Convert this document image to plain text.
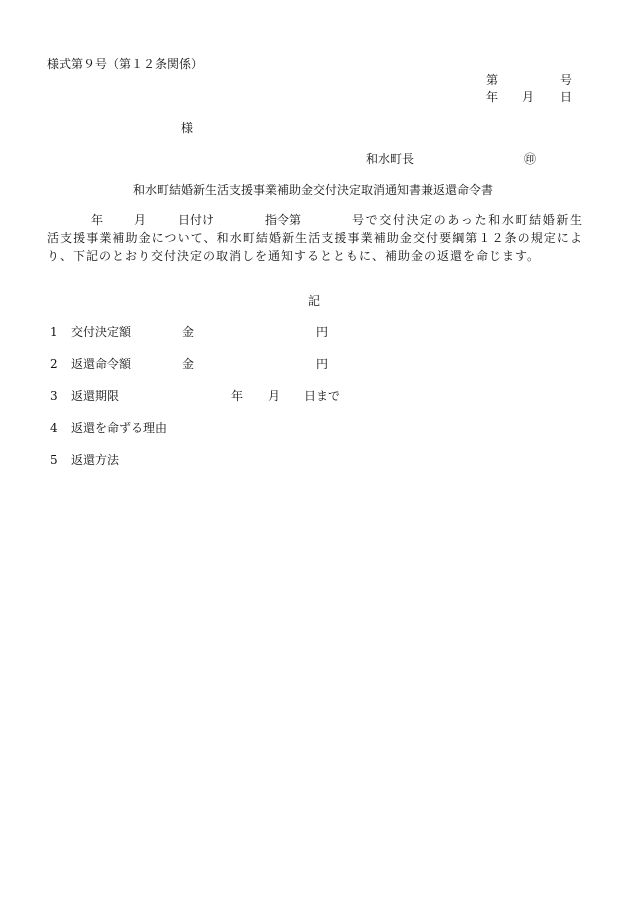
様式第９号（第１２条関係）
第	号
年 月 日
様
和水町長	㊞
和水町結婚新生活支援事業補助金交付決定取消通知書兼返還命令書
年	月	日付け	指令第	号で交付決定のあった和水町結婚新生活支援事業補助金について、和水町結婚新生活支援事業補助金交付要綱第１２条の規定により、下記のとおり交付決定の取消しを通知するとともに、補助金の返還を命じます。
記
1 交付決定額	金	円
2 返還命令額	金	円
3 返還期限	年 月 日まで
4 返還を命ずる理由
5 返還方法
